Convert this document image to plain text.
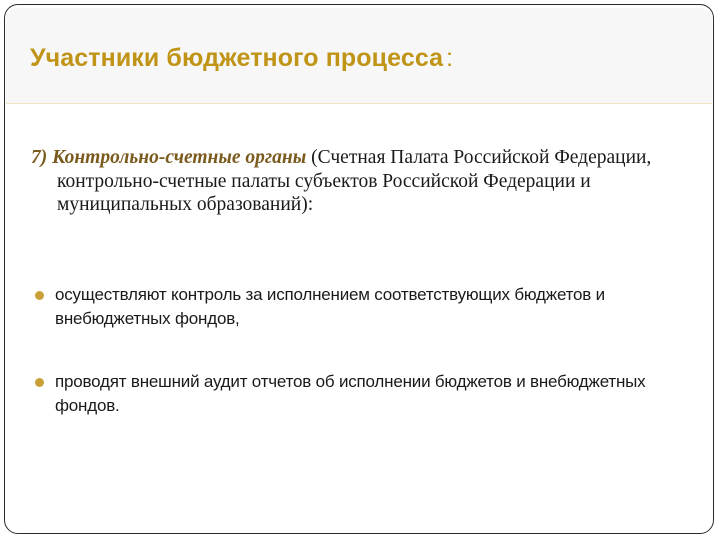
Участники бюджетного процесса :

7) Контрольно-счетные органы (Счетная Палата Российской Федерации, контрольно-счетные палаты субъектов Российской Федерации и муниципальных образований):

осуществляют контроль за исполнением соответствующих бюджетов и внебюджетных фондов,
проводят внешний аудит отчетов об исполнении бюджетов и внебюджетных фондов.
